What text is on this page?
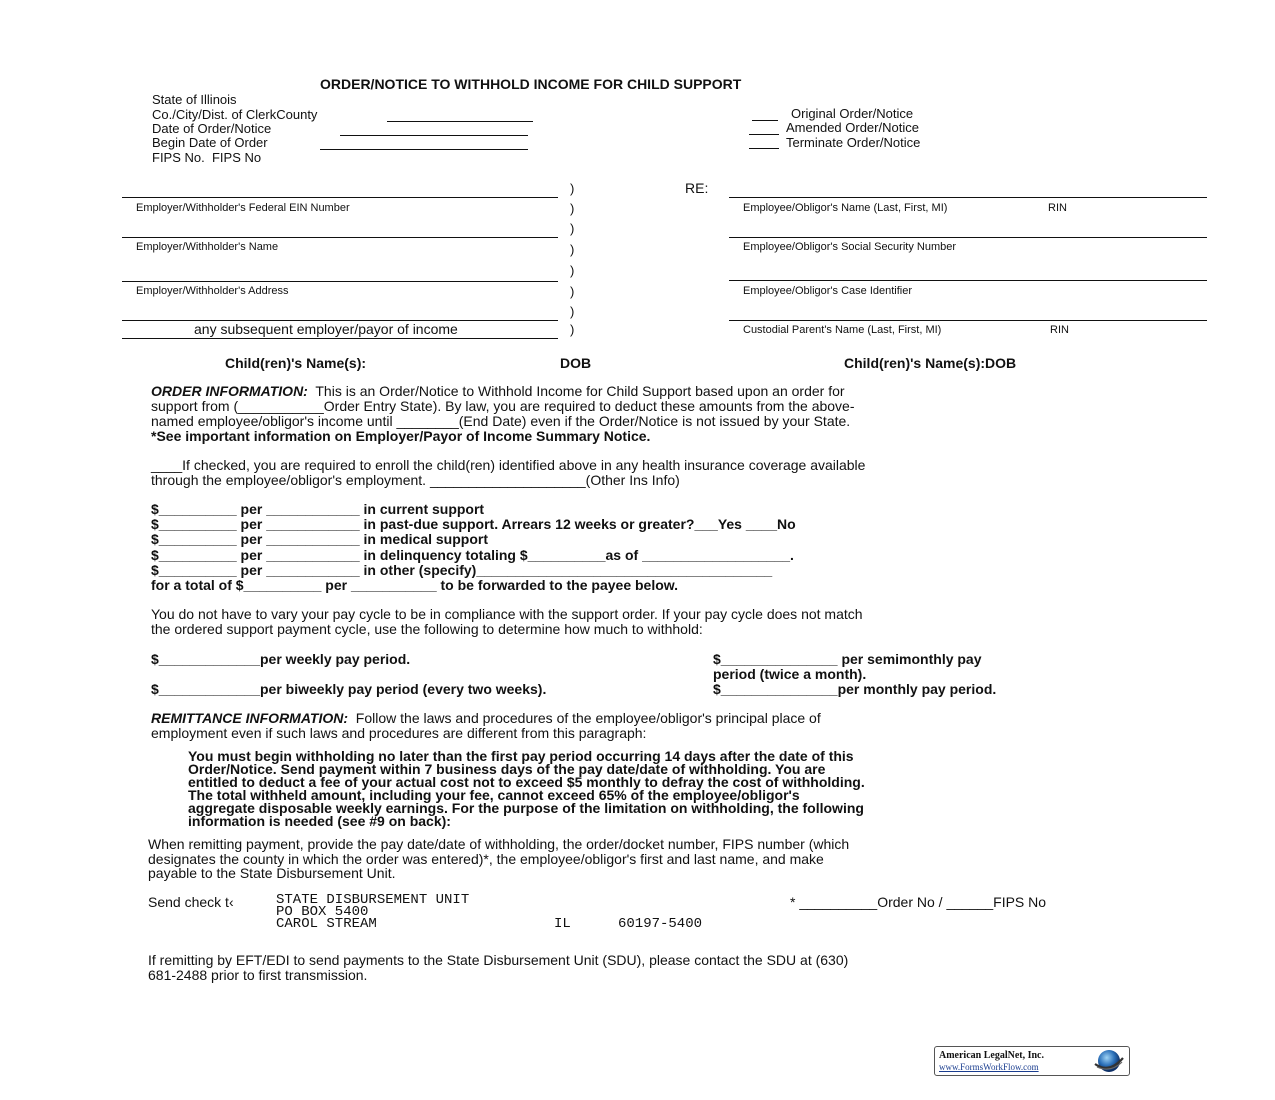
ORDER/NOTICE TO WITHHOLD INCOME FOR CHILD SUPPORT
State of Illinois
Co./City/Dist. of ClerkCounty
Date of Order/Notice
Begin Date of Order
FIPS No. FIPS No
Original Order/Notice
Amended Order/Notice
Terminate Order/Notice
Employer/Withholder's Federal EIN Number
Employer/Withholder's Name
Employer/Withholder's Address
any subsequent employer/payor of income
)
)
)
)
)
)
)
)
RE:
Employee/Obligor's Name (Last, First, MI)	RIN
Employee/Obligor's Social Security Number
Employee/Obligor's Case Identifier
Custodial Parent's Name (Last, First, MI)	RIN
Child(ren)'s Name(s):	DOB	Child(ren)'s Name(s):DOB
ORDER INFORMATION: This is an Order/Notice to Withhold Income for Child Support based upon an order for
support from (___________Order Entry State). By law, you are required to deduct these amounts from the above-
named employee/obligor's income until ________(End Date) even if the Order/Notice is not issued by your State.
*See important information on Employer/Payor of Income Summary Notice.
____If checked, you are required to enroll the child(ren) identified above in any health insurance coverage available
through the employee/obligor's employment. ____________________(Other Ins Info)
$__________ per ____________ in current support
$__________ per ____________ in past-due support. Arrears 12 weeks or greater?___Yes ____No
$__________ per ____________ in medical support
$__________ per ____________ in delinquency totaling $__________as of ___________________.
$__________ per ____________ in other (specify)______________________________________
for a total of $__________ per ___________ to be forwarded to the payee below.
You do not have to vary your pay cycle to be in compliance with the support order. If your pay cycle does not match
the ordered support payment cycle, use the following to determine how much to withhold:
$_____________per weekly pay period.	$_______________ per semimonthly pay
period (twice a month).
$_____________per biweekly pay period (every two weeks).	$_______________per monthly pay period.
REMITTANCE INFORMATION: Follow the laws and procedures of the employee/obligor's principal place of
employment even if such laws and procedures are different from this paragraph:
You must begin withholding no later than the first pay period occurring 14 days after the date of this
Order/Notice. Send payment within 7 business days of the pay date/date of withholding. You are
entitled to deduct a fee of your actual cost not to exceed $5 monthly to defray the cost of withholding.
The total withheld amount, including your fee, cannot exceed 65% of the employee/obligor's
aggregate disposable weekly earnings. For the purpose of the limitation on withholding, the following
information is needed (see #9 on back):
When remitting payment, provide the pay date/date of withholding, the order/docket number, FIPS number (which
designates the county in which the order was entered)*, the employee/obligor's first and last name, and make
payable to the State Disbursement Unit.
Send check t‹	STATE DISBURSEMENT UNIT
PO BOX 5400
CAROL STREAM	IL	60197-5400
* __________Order No / ______FIPS No
If remitting by EFT/EDI to send payments to the State Disbursement Unit (SDU), please contact the SDU at (630)
681-2488 prior to first transmission.
American LegalNet, Inc.
www.FormsWorkFlow.com
